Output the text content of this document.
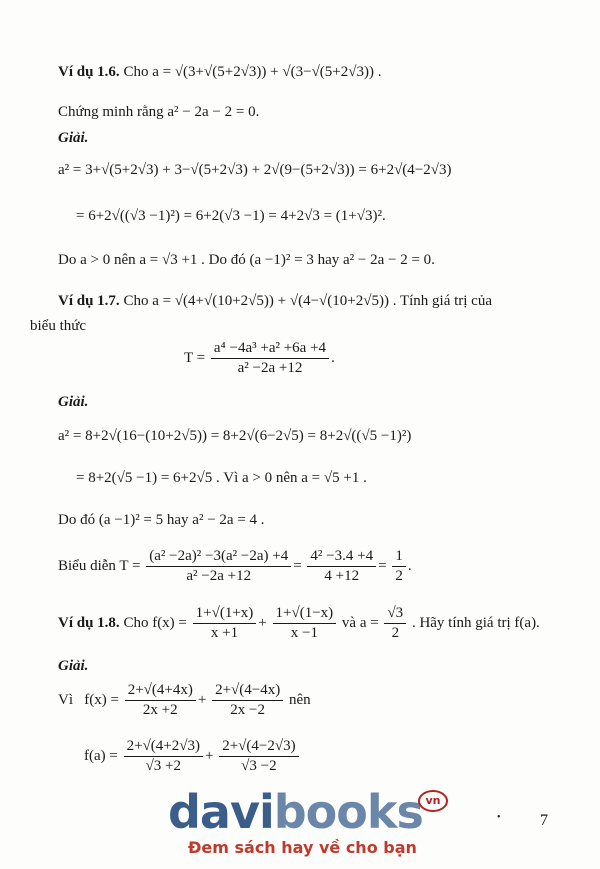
Ví dụ 1.6. Cho a = √(3+√(5+2√3)) + √(3−√(5+2√3)) .
Chứng minh rằng a² − 2a − 2 = 0.
Giải.
a² = 3+√(5+2√3) + 3−√(5+2√3) + 2√(9−(5+2√3)) = 6+2√(4−2√3)
= 6+2√((√3 −1)²) = 6+2(√3 −1) = 4+2√3 = (1+√3)².
Do a > 0 nên a = √3 +1 . Do đó (a −1)² = 3 hay a² − 2a − 2 = 0.
Ví dụ 1.7. Cho a = √(4+√(10+2√5)) + √(4−√(10+2√5)) . Tính giá trị của
biểu thức
$T = \frac{\text{a⁴ −4a³ +a² +6a +4}}{\text{a² −2a +12}}$ .
Giải.
a² = 8+2√(16−(10+2√5)) = 8+2√(6−2√5) = 8+2√((√5 −1)²)
= 8+2(√5 −1) = 6+2√5 . Vì a > 0 nên a = √5 +1 .
Do đó (a −1)² = 5 hay a² − 2a = 4 .
Biểu diễn $T = \frac{\text{(a² −2a)² −3(a² −2a) +4}}{\text{a² −2a +12}} = \frac{\text{4² −3.4 +4}}{4 +12} = \frac{1}{2}$ .
Ví dụ 1.8. Cho $f(x) = \frac{1+√(1+x)}{x +1} + \frac{1+√(1-x)}{x -1}$ và $a = \frac{√3}{2}$ . Hãy tính giá trị f(a).
Giải.
Vì $f(x) = \frac{2+√(4+4x)}{2x +2} + \frac{2+√(4-4x)}{2x -2}$ nên
$f(a) = \frac{2+√(4+2√3)}{√3 +2} + \frac{2+√(4-2√3)}{√3 -2}$
davibooks vn
Đem sách hay về cho bạn
• 7
